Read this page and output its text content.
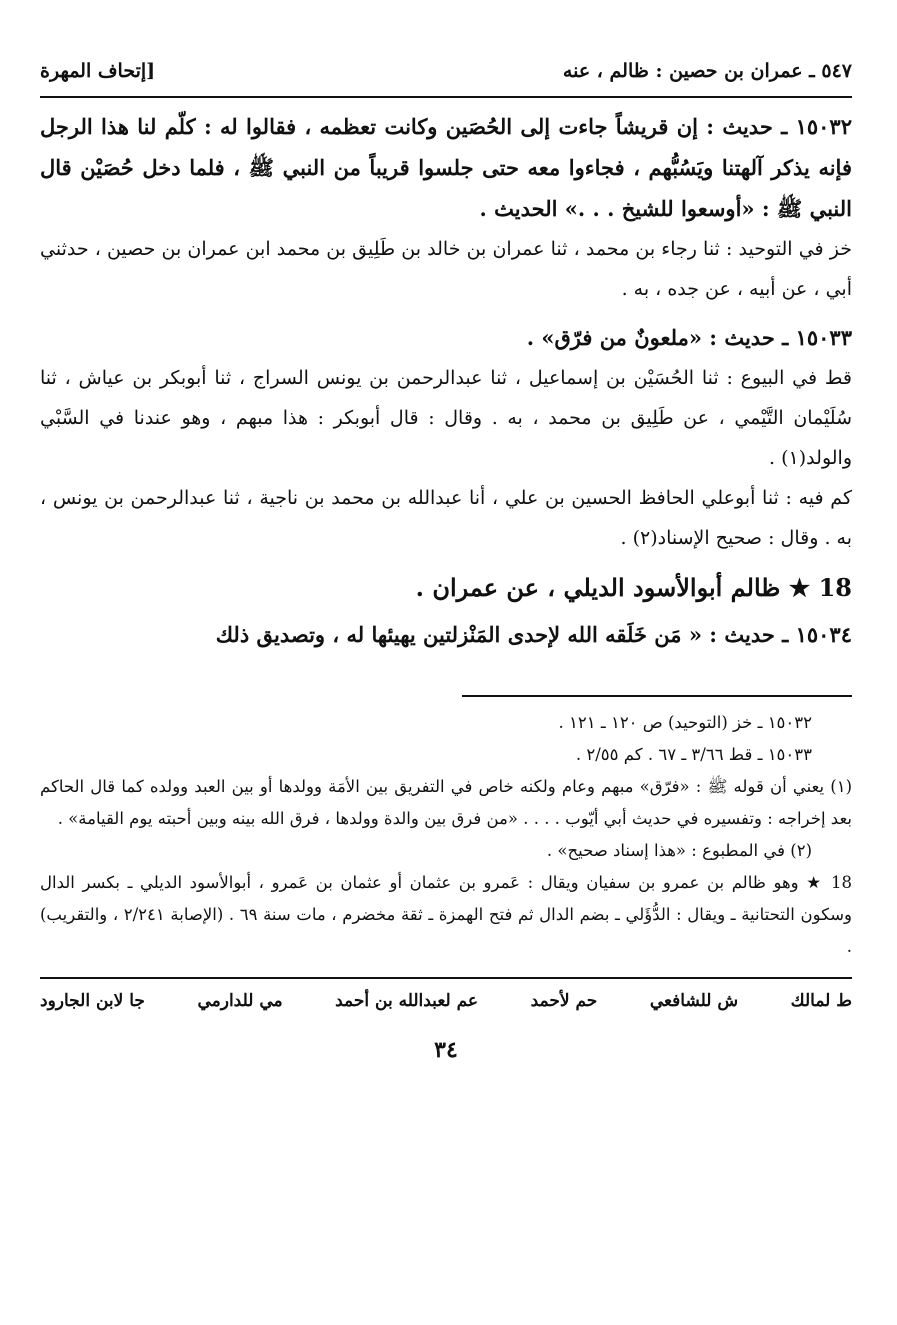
٥٤٧ ـ عمران بن حصين : ظالم ، عنه
[إتحاف المهرة

١٥٠٣٢ ـ حديث : إن قريشاً جاءت إلى الحُصَين وكانت تعظمه ، فقالوا له : كلّم لنا هذا الرجل فإنه يذكر آلهتنا ويَسُبُّهم ، فجاءوا معه حتى جلسوا قريباً من النبي ﷺ ، فلما دخل حُصَيْن قال النبي ﷺ : «أوسعوا للشيخ . . .» الحديث .

خز في التوحيد : ثنا رجاء بن محمد ، ثنا عمران بن خالد بن طَلِيق بن محمد ابن عمران بن حصين ، حدثني أبي ، عن أبيه ، عن جده ، به .

١٥٠٣٣ ـ حديث : «ملعونٌ من فرّق» .

قط في البيوع : ثنا الحُسَيْن بن إسماعيل ، ثنا عبدالرحمن بن يونس السراج ، ثنا أبوبكر بن عياش ، ثنا سُلَيْمان التَّيْمي ، عن طَلِيق بن محمد ، به . وقال : قال أبوبكر : هذا مبهم ، وهو عندنا في السَّبْي والولد(١) .

كم فيه : ثنا أبوعلي الحافظ الحسين بن علي ، أنا عبدالله بن محمد بن ناجية ، ثنا عبدالرحمن بن يونس ، به . وقال : صحيح الإسناد(٢) .

18 ★ ظالم أبوالأسود الديلي ، عن عمران .

١٥٠٣٤ ـ حديث : « مَن خَلَقه الله لإحدى المَنْزلتين يهيئها له ، وتصديق ذلك

١٥٠٣٢ ـ خز (التوحيد) ص ١٢٠ ـ ١٢١ .

١٥٠٣٣ ـ قط ٣/٦٦ ـ ٦٧ . كم ٢/٥٥ .

(١) يعني أن قوله ﷺ : «فرّق» مبهم وعام ولكنه خاص في التفريق بين الأمَة وولدها أو بين العبد وولده كما قال الحاكم بعد إخراجه : وتفسيره في حديث أبي أيّوب . . . . «من فرق بين والدة وولدها ، فرق الله بينه وبين أحبته يوم القيامة» .

(٢) في المطبوع : «هذا إسناد صحيح» .

18 ★ وهو ظالم بن عمرو بن سفيان ويقال : عَمرو بن عثمان أو عثمان بن عَمرو ، أبوالأسود الديلي ـ بكسر الدال وسكون التحتانية ـ ويقال : الدُّؤَلي ـ بضم الدال ثم فتح الهمزة ـ ثقة مخضرم ، مات سنة ٦٩ . (الإصابة ٢/٢٤١ ، والتقريب) .

ط لمالك
ش للشافعي
حم لأحمد
عم لعبدالله بن أحمد
مي للدارمي
جا لابن الجارود
٣٤
